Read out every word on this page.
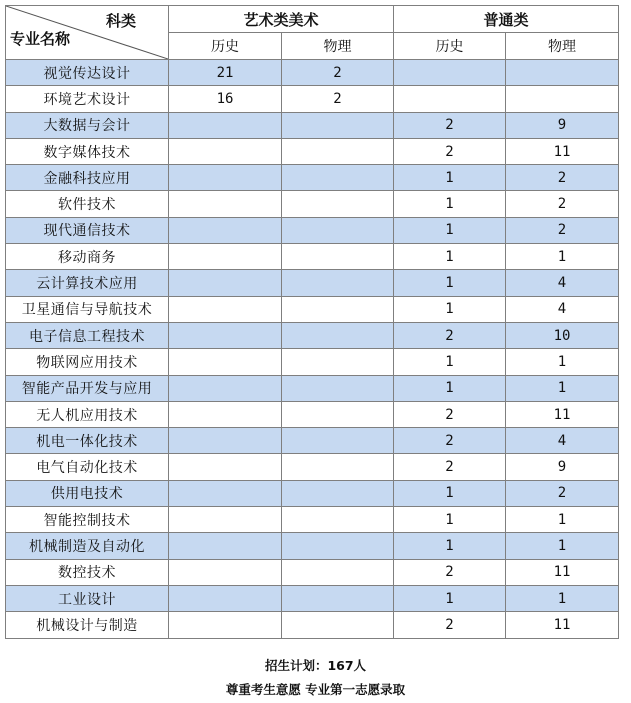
科类
专业名称	艺术类美术		普通类	
	历史	物理	历史	物理
视觉传达设计	21	2		
环境艺术设计	16	2		
大数据与会计			2	9
数字媒体技术			2	11
金融科技应用			1	2
软件技术			1	2
现代通信技术			1	2
移动商务			1	1
云计算技术应用			1	4
卫星通信与导航技术			1	4
电子信息工程技术			2	10
物联网应用技术			1	1
智能产品开发与应用			1	1
无人机应用技术			2	11
机电一体化技术			2	4
电气自动化技术			2	9
供用电技术			1	2
智能控制技术			1	1
机械制造及自动化			1	1
数控技术			2	11
工业设计			1	1
机械设计与制造			2	11
招生计划：167人
尊重考生意愿 专业第一志愿录取
